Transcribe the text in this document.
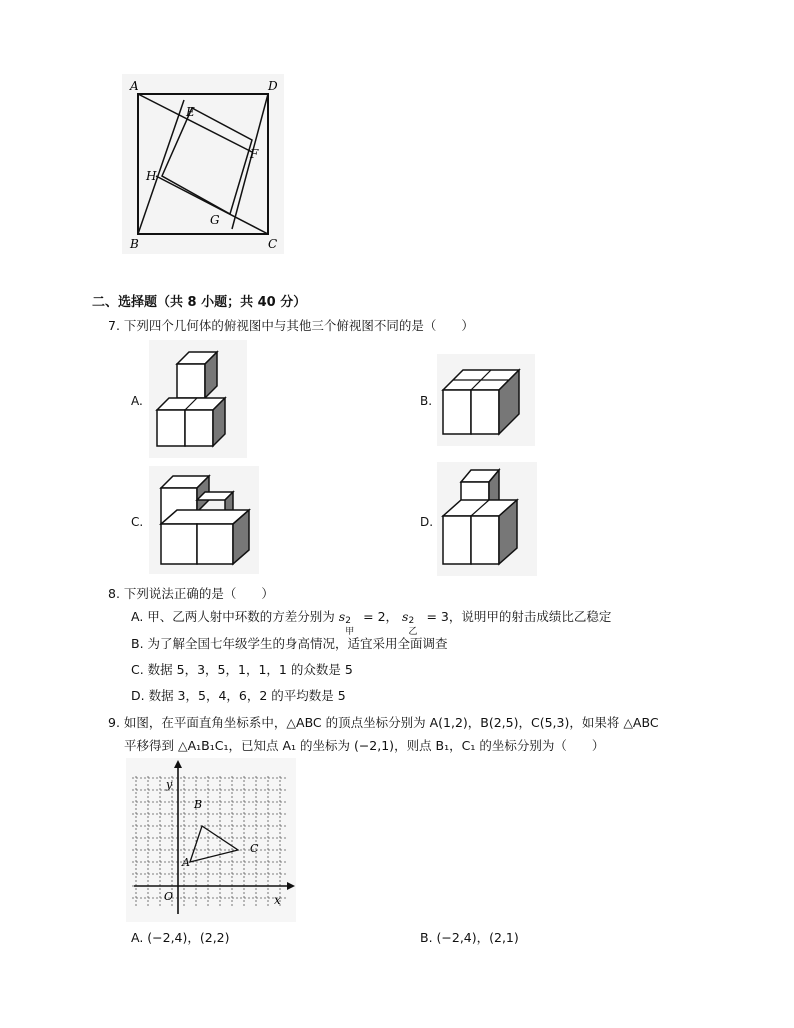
A	D
E
F
H
G
B	C
二、选择题（共 8 小题；共 40 分）
7. 下列四个几何体的俯视图中与其他三个俯视图不同的是（　　）
A.	B.
C.	D.
8. 下列说法正确的是（　　）
A. 甲、乙两人射中环数的方差分别为 s 2
甲
= 2， s 2
乙
= 3，说明甲的射击成绩比乙稳定
B. 为了解全国七年级学生的身高情况，适宜采用全面调查
C. 数据 5，3，5，1，1，1 的众数是 5
D. 数据 3，5，4，6，2 的平均数是 5
9. 如图，在平面直角坐标系中，△ABC 的顶点坐标分别为 A(1,2)，B(2,5)，C(5,3)，如果将 △ABC
平移得到 △A₁B₁C₁，已知点 A₁ 的坐标为 (−2,1)，则点 B₁，C₁ 的坐标分别为（　　）
y
x
O
A
B
C
A. (−2,4)，(2,2)	B. (−2,4)，(2,1)
